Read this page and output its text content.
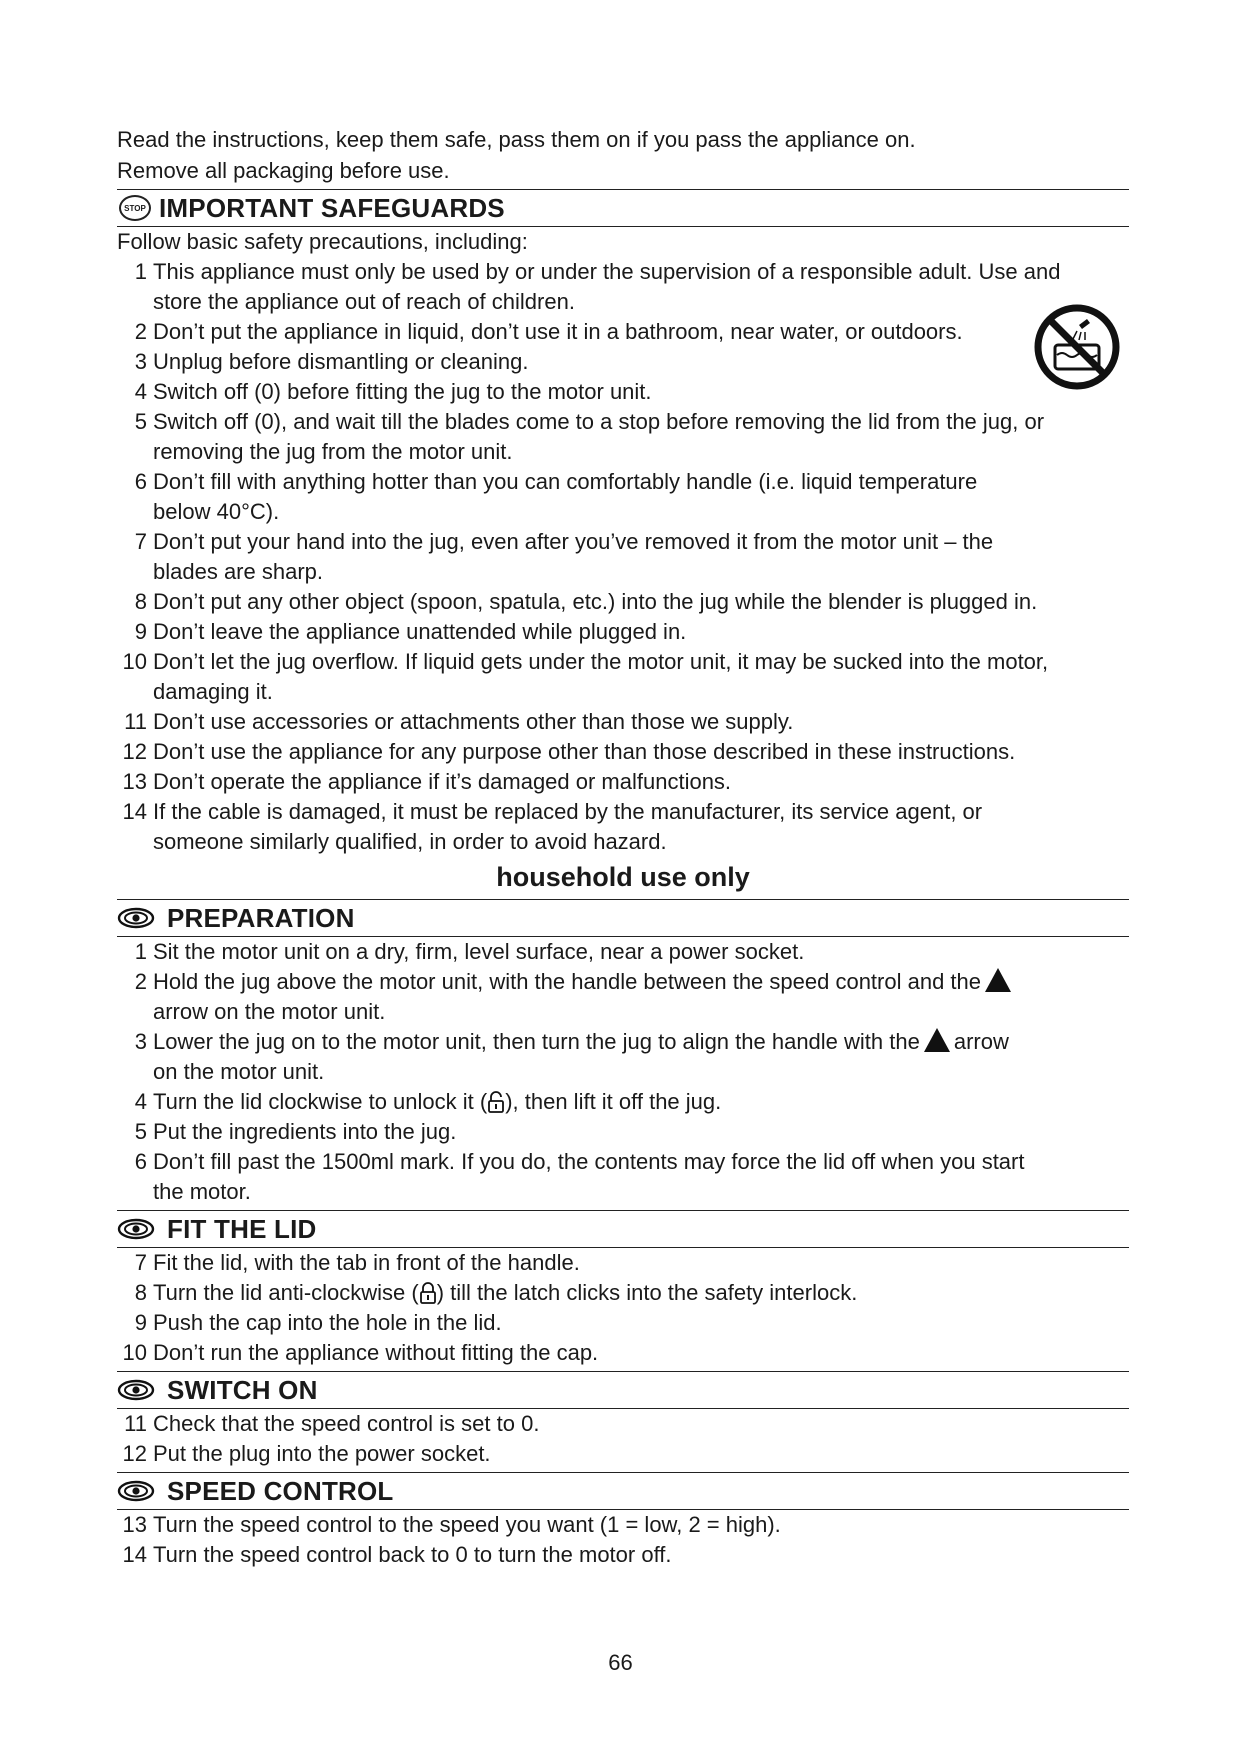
Read the instructions, keep them safe, pass them on if you pass the appliance on.
Remove all packaging before use.
STOP IMPORTANT SAFEGUARDS
Follow basic safety precautions, including:
1 This appliance must only be used by or under the supervision of a responsible adult. Use and
store the appliance out of reach of children.
2 Don’t put the appliance in liquid, don’t use it in a bathroom, near water, or outdoors.
3 Unplug before dismantling or cleaning.
4 Switch off (0) before fitting the jug to the motor unit.
5 Switch off (0), and wait till the blades come to a stop before removing the lid from the jug, or
removing the jug from the motor unit.
6 Don’t fill with anything hotter than you can comfortably handle (i.e. liquid temperature
below 40°C).
7 Don’t put your hand into the jug, even after you’ve removed it from the motor unit – the
blades are sharp.
8 Don’t put any other object (spoon, spatula, etc.) into the jug while the blender is plugged in.
9 Don’t leave the appliance unattended while plugged in.
10 Don’t let the jug overflow. If liquid gets under the motor unit, it may be sucked into the motor,
damaging it.
11 Don’t use accessories or attachments other than those we supply.
12 Don’t use the appliance for any purpose other than those described in these instructions.
13 Don’t operate the appliance if it’s damaged or malfunctions.
14 If the cable is damaged, it must be replaced by the manufacturer, its service agent, or
someone similarly qualified, in order to avoid hazard.
household use only
PREPARATION
1 Sit the motor unit on a dry, firm, level surface, near a power socket.
2 Hold the jug above the motor unit, with the handle between the speed control and the
arrow on the motor unit.
3 Lower the jug on to the motor unit, then turn the jug to align the handle with the arrow
on the motor unit.
4 Turn the lid clockwise to unlock it ( ), then lift it off the jug.
5 Put the ingredients into the jug.
6 Don’t fill past the 1500ml mark. If you do, the contents may force the lid off when you start
the motor.
FIT THE LID
7 Fit the lid, with the tab in front of the handle.
8 Turn the lid anti-clockwise ( ) till the latch clicks into the safety interlock.
9 Push the cap into the hole in the lid.
10 Don’t run the appliance without fitting the cap.
SWITCH ON
11 Check that the speed control is set to 0.
12 Put the plug into the power socket.
SPEED CONTROL
13 Turn the speed control to the speed you want (1 = low, 2 = high).
14 Turn the speed control back to 0 to turn the motor off.
66
